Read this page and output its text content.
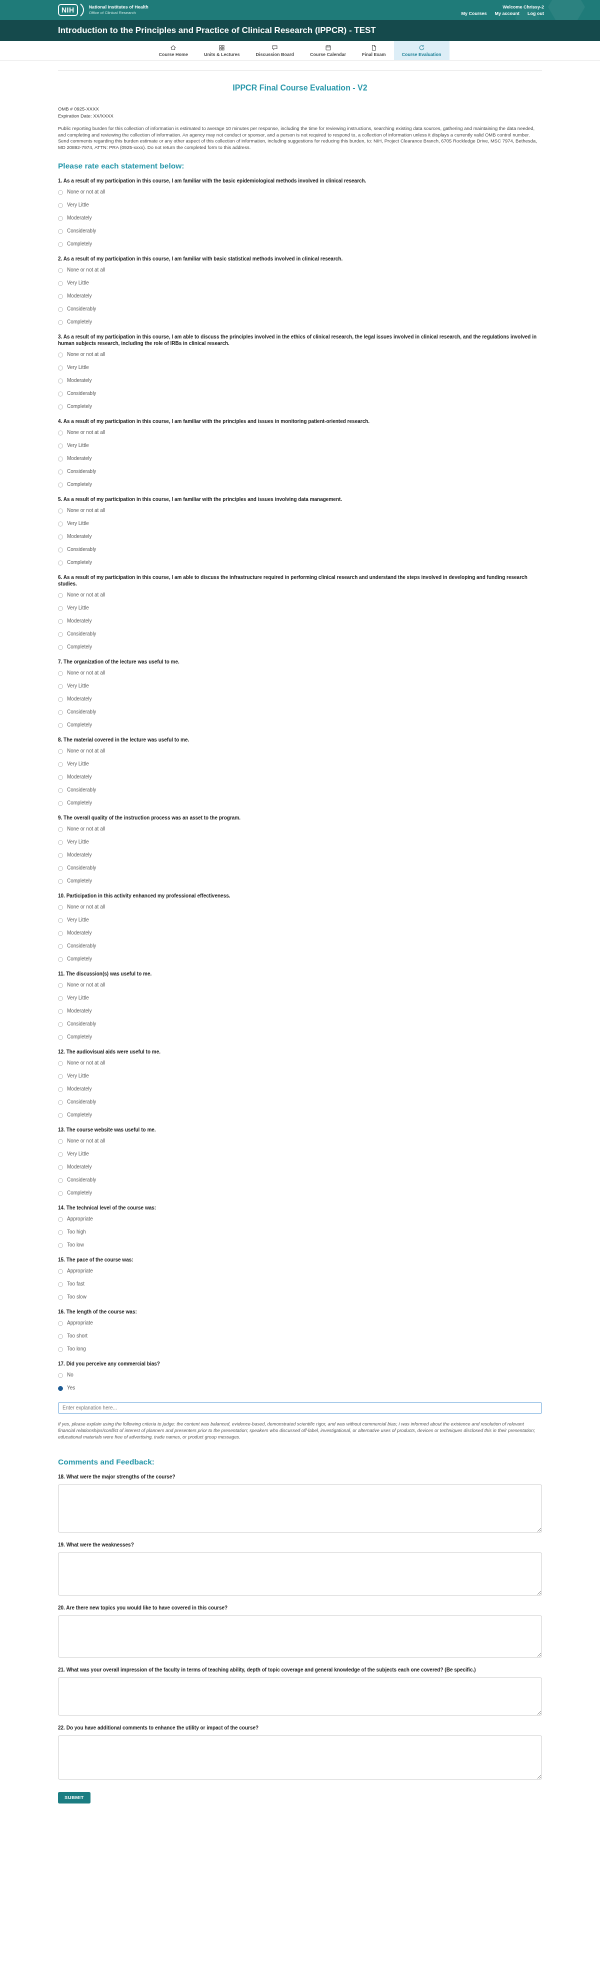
NIH	National Institutes of Health
Office of Clinical Research
Welcome Chrissy-2
My Courses My account Log out
Introduction to the Principles and Practice of Clinical Research (IPPCR) - TEST
Course Home Units & Lectures Discussion Board Course Calendar Final Exam Course Evaluation
IPPCR Final Course Evaluation - V2
OMB # 0925-XXXX
Expiration Date: XX/XXXX
Public reporting burden for this collection of information is estimated to average 10 minutes per response, including the time for reviewing instructions, searching existing data sources, gathering and maintaining the data needed, and completing and reviewing the collection of information. An agency may not conduct or sponsor, and a person is not required to respond to, a collection of information unless it displays a currently valid OMB control number. Send comments regarding this burden estimate or any other aspect of this collection of information, including suggestions for reducing this burden, to: NIH, Project Clearance Branch, 6705 Rockledge Drive, MSC 7974, Bethesda, MD 20892-7974, ATTN: PRA (0925-xxxx). Do not return the completed form to this address.
Please rate each statement below:
1. As a result of my participation in this course, I am familiar with the basic epidemiological methods involved in clinical research.
None or not at all
Very Little
Moderately
Considerably
Completely
2. As a result of my participation in this course, I am familiar with basic statistical methods involved in clinical research.
None or not at all
Very Little
Moderately
Considerably
Completely
3. As a result of my participation in this course, I am able to discuss the principles involved in the ethics of clinical research, the legal issues involved in clinical research, and the regulations involved in human subjects research, including the role of IRBs in clinical research.
None or not at all
Very Little
Moderately
Considerably
Completely
4. As a result of my participation in this course, I am familiar with the principles and issues in monitoring patient-oriented research.
None or not at all
Very Little
Moderately
Considerably
Completely
5. As a result of my participation in this course, I am familiar with the principles and issues involving data management.
None or not at all
Very Little
Moderately
Considerably
Completely
6. As a result of my participation in this course, I am able to discuss the infrastructure required in performing clinical research and understand the steps involved in developing and funding research studies.
None or not at all
Very Little
Moderately
Considerably
Completely
7. The organization of the lecture was useful to me.
None or not at all
Very Little
Moderately
Considerably
Completely
8. The material covered in the lecture was useful to me.
None or not at all
Very Little
Moderately
Considerably
Completely
9. The overall quality of the instruction process was an asset to the program.
None or not at all
Very Little
Moderately
Considerably
Completely
10. Participation in this activity enhanced my professional effectiveness.
None or not at all
Very Little
Moderately
Considerably
Completely
11. The discussion(s) was useful to me.
None or not at all
Very Little
Moderately
Considerably
Completely
12. The audiovisual aids were useful to me.
None or not at all
Very Little
Moderately
Considerably
Completely
13. The course website was useful to me.
None or not at all
Very Little
Moderately
Considerably
Completely
14. The technical level of the course was:
Appropriate
Too high
Too low
15. The pace of the course was:
Appropriate
Too fast
Too slow
16. The length of the course was:
Appropriate
Too short
Too long
17. Did you perceive any commercial bias?
No
Yes
Enter explanation here...
If yes, please explain using the following criteria to judge: the content was balanced, evidence-based, demonstrated scientific rigor, and was without commercial bias; I was informed about the existence and resolution of relevant financial relationships/conflict of interest of planners and presenters prior to the presentation; speakers who discussed off-label, investigational, or alternative uses of products, devices or techniques disclosed this in their presentation; educational materials were free of advertising, trade names, or product group messages.
Comments and Feedback:
18. What were the major strengths of the course?
19. What were the weaknesses?
20. Are there new topics you would like to have covered in this course?
21. What was your overall impression of the faculty in terms of teaching ability, depth of topic coverage and general knowledge of the subjects each one covered? (Be specific.)
22. Do you have additional comments to enhance the utility or impact of the course?
SUBMIT
